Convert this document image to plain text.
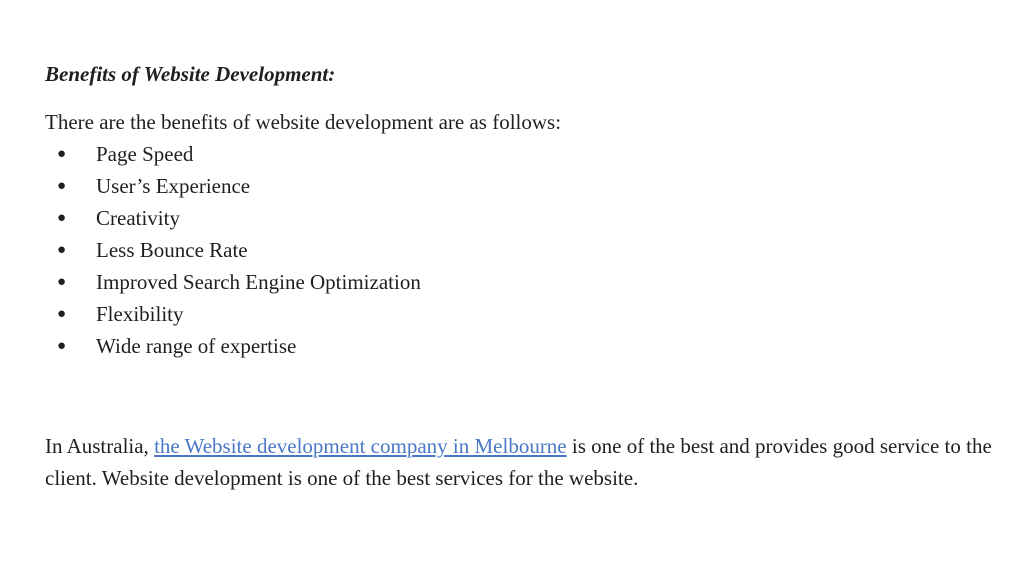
Benefits of Website Development:

There are the benefits of website development are as follows:

● Page Speed
● User’s Experience
● Creativity
● Less Bounce Rate
● Improved Search Engine Optimization
● Flexibility
● Wide range of expertise

In Australia, the Website development company in Melbourne is one of the best and provides good service to the client. Website development is one of the best services for the website.
